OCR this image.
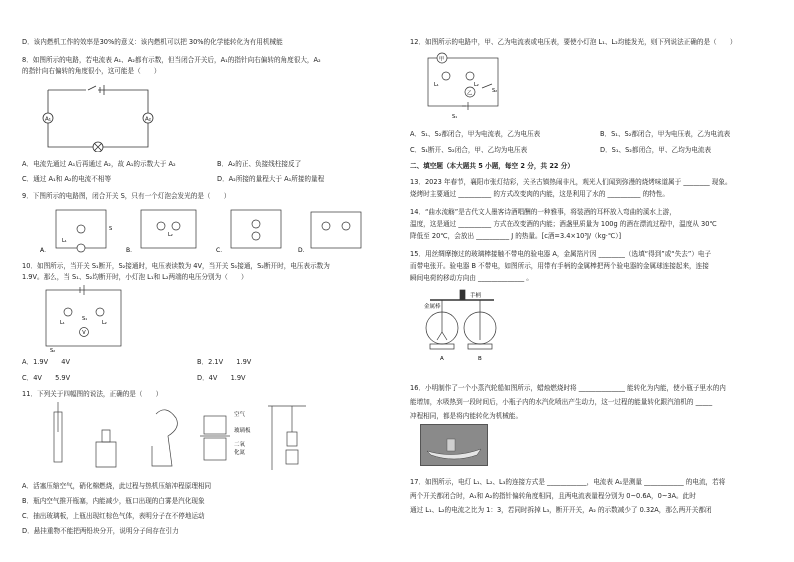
D．该内燃机工作的效率是30%的意义：该内燃机可以把 30%的化学能转化为有用机械能
8．如图所示的电路，若电流表 A₁、A₂都有示数，但当闭合开关后，A₁的指针向右偏转的角度很大，A₂
的指针向右偏转的角度很小，这可能是（　　）
A₁	A₂
A．电流先通过 A₁后再通过 A₂，故 A₁的示数大于 A₂	B．A₂的正、负接线柱接反了
C．通过 A₁和 A₂的电流不相等	D．A₂所接的量程大于 A₁所接的量程
9．下图所示的电路图，闭合开关 S，只有一个灯泡会发光的是（　　）
A．	B．	C．	D．
S
L₁
L₂
10．如图所示，当开关 S₁断开，S₂接通时，电压表读数为 4V，当开关 S₁接通，S₂断开时，电压表示数为
1.9V。那么，当 S₁、S₂均断开时，小灯泡 L₁和 L₂两端的电压分别为（　　）
L₁	L₂
S₁
S₂
V
A．1.9V　　4V	B．2.1V　　1.9V
C．4V　　5.9V	D．4V　　1.9V
11．下列关于四幅图的说法，正确的是（　　）
空气
玻璃板
二氧
化氮
A．活塞压缩空气，硝化棉燃烧，此过程与热机压缩冲程原理相同
B．瓶内空气推开瓶塞，内能减少，瓶口出现的白雾是汽化现象
C．抽出玻璃板，上瓶出现红棕色气体，表明分子在不停地运动
D．悬挂重物不能把两铅块分开，说明分子间存在引力
12．如图所示的电路中，甲、乙为电流表或电压表，要使小灯泡 L₁、L₂均能发光，则下列说法正确的是（　　）
甲
乙
L₁	L₂
S₁
S₂
A．S₁、S₂都闭合，甲为电流表，乙为电压表	B．S₁、S₂都闭合，甲为电压表，乙为电流表
C．S₁断开、S₂闭合，甲、乙均为电压表	D．S₁、S₂都闭合，甲、乙均为电流表
二、填空题（本大题共 5 小题，每空 2 分，共 22 分）
13．2023 年春节，襄阳市张灯结彩，关圣古镇热闹非凡，观光人们闻到弥漫的烧烤味道属于 ________ 现象。
烧烤时主要通过 __________ 的方式改变肉的内能，这是利用了水的 __________ 的特性。
14．“曲水流觞”是古代文人墨客诗酒唱酬的一种雅事，将装酒的耳杯放入弯曲的溪水上游，
温度，这是通过 __________ 方式在改变酒的内能；酒盏里质量为 100g 的酒在漂流过程中，温度从 30℃
降低至 20℃，会放出 __________ J 的热量。[c酒=3.4×10³J/（kg·℃）]
15．用丝绸摩擦过的玻璃棒接触不带电的验电器 A，金属箔片因 ________（选填“得到”或“失去”）电子
而带电张开。验电器 B 不带电，如图所示，用带有手柄的金属棒把两个验电器的金属球连接起来，连接
瞬间电荷的移动方向由 ______________ 。
手柄
金属棒
A	B
16．小明制作了一个小蒸汽轮船如图所示，蜡烛燃烧时将 ______________ 能转化为内能，使小瓶子里水的内
能增加，水吸热到一段时间后，小瓶子内的水汽化喷出产生动力，这一过程的能量转化跟汽油机的 _____
冲程相同，都是将内能转化为机械能。
17．如图所示，电灯 L₁、L₂、L₃的连接方式是 ____________，电流表 A₁是测量 ____________ 的电流，若将
两个开关都闭合时，A₁和 A₂的指针偏转角度相同，且两电流表量程分别为 0~0.6A，0~3A。此时
通过 L₁、L₂的电流之比为 1：3，若同时拆掉 L₃，断开开关，A₂ 的示数减少了 0.32A，那么两开关都闭
